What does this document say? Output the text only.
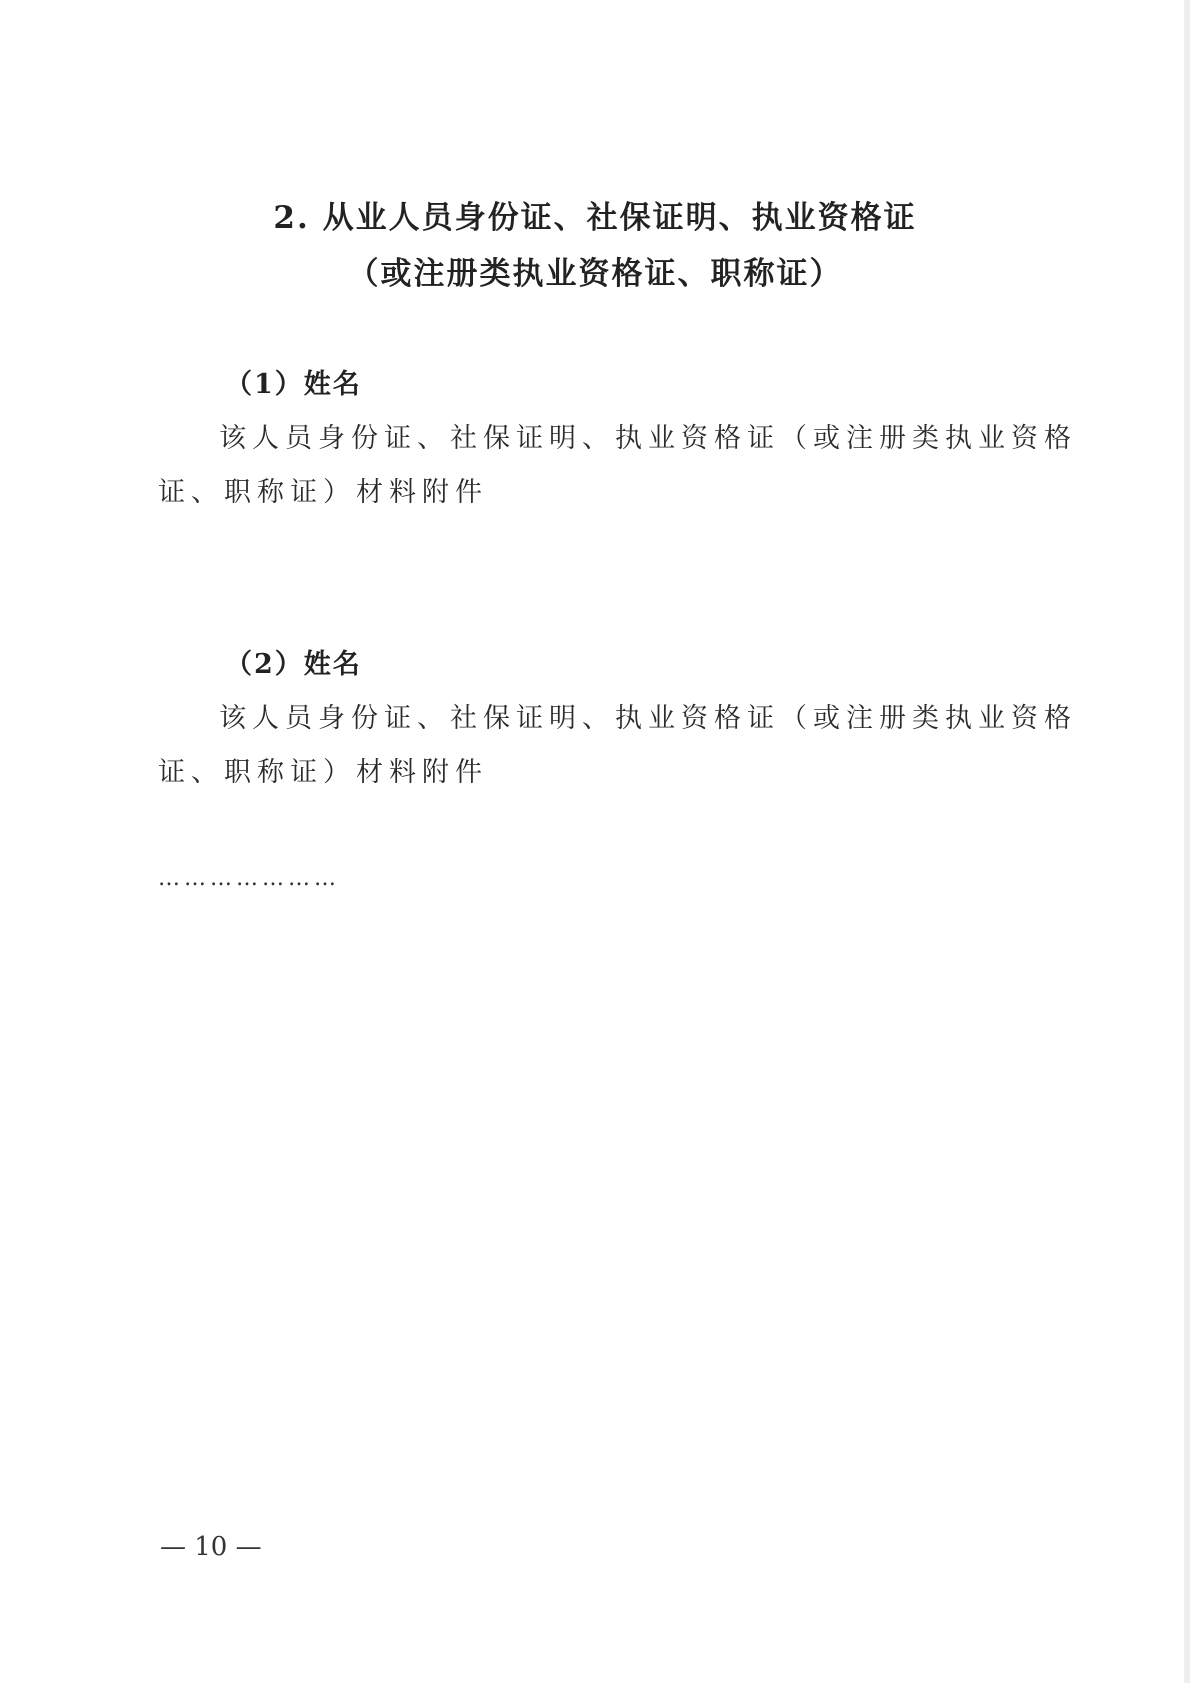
2. 从业人员身份证、社保证明、执业资格证
（或注册类执业资格证、职称证）
（1）姓名
该人员身份证、社保证明、执业资格证（或注册类执业资格
证、职称证）材料附件
（2）姓名
该人员身份证、社保证明、执业资格证（或注册类执业资格
证、职称证）材料附件
…………………
— 10 —
